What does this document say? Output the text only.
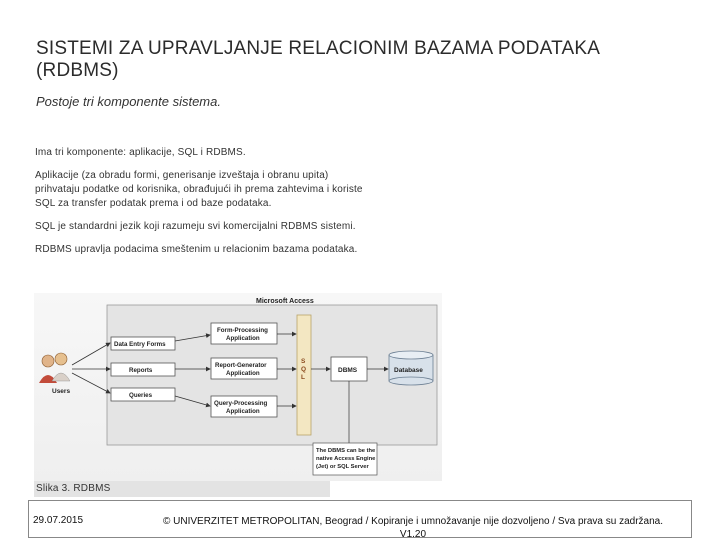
SISTEMI ZA UPRAVLJANJE RELACIONIM BAZAMA PODATAKA (RDBMS)
Postoje tri komponente sistema.

Ima tri komponente: aplikacije, SQL i RDBMS.

Aplikacije (za obradu formi, generisanje izveštaja i obranu upita) prihvataju podatke od korisnika, obrađujući ih prema zahtevima i koriste SQL za transfer podatak prema i od baze podataka.

SQL je standardni jezik koji razumeju svi komercijalni RDBMS sistemi.

RDBMS upravlja podacima smeštenim u relacionim bazama podataka.

Microsoft Access
Users
Data Entry Forms
Reports
Queries
Form-Processing
Application
Report-Generator
Application
Query-Processing
Application
S
Q
L
DBMS	Database
The DBMS can be the
native Access Engine
(Jet) or SQL Server
Slika 3. RDBMS
29.07.2015	© UNIVERZITET METROPOLITAN, Beograd / Kopiranje i umnožavanje nije dozvoljeno / Sva prava su zadržana.
V1.20
